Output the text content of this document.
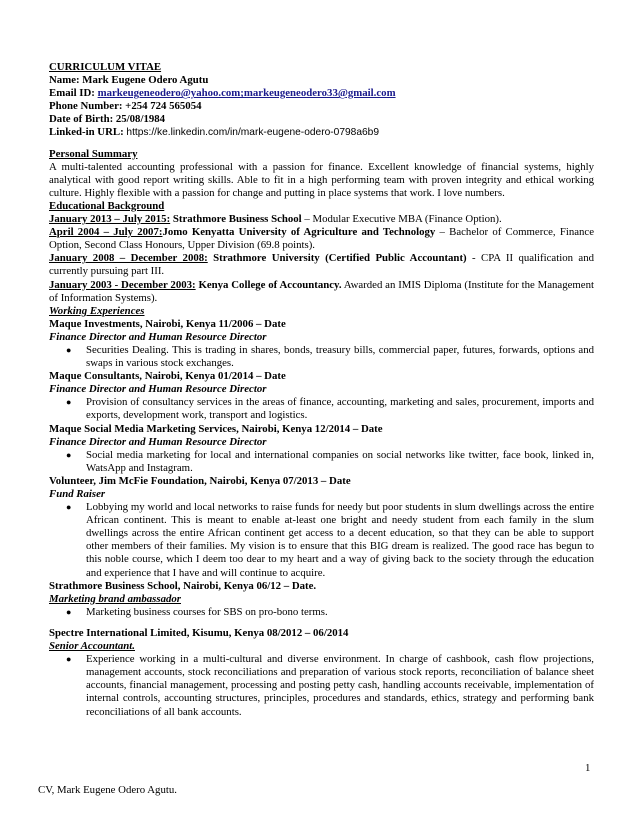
CURRICULUM VITAE
Name: Mark Eugene Odero Agutu
Email ID: markeugeneodero@yahoo.com;markeugeneodero33@gmail.com
Phone Number: +254 724 565054
Date of Birth: 25/08/1984
Linked-in URL: https://ke.linkedin.com/in/mark-eugene-odero-0798a6b9
Personal Summary
A multi-talented accounting professional with a passion for finance. Excellent knowledge of financial systems, highly analytical with good report writing skills. Able to fit in a high performing team with proven integrity and ethical working culture. Highly flexible with a passion for change and putting in place systems that work. I love numbers.
Educational Background
January 2013 – July 2015: Strathmore Business School – Modular Executive MBA (Finance Option).
April 2004 – July 2007:Jomo Kenyatta University of Agriculture and Technology – Bachelor of Commerce, Finance Option, Second Class Honours, Upper Division (69.8 points).
January 2008 – December 2008: Strathmore University (Certified Public Accountant) - CPA II qualification and currently pursuing part III.
January 2003 - December 2003: Kenya College of Accountancy. Awarded an IMIS Diploma (Institute for the Management of Information Systems).
Working Experiences
Maque Investments, Nairobi, Kenya 11/2006 – Date
Finance Director and Human Resource Director
● Securities Dealing. This is trading in shares, bonds, treasury bills, commercial paper, futures, forwards, options and swaps in various stock exchanges.
Maque Consultants, Nairobi, Kenya 01/2014 – Date
Finance Director and Human Resource Director
● Provision of consultancy services in the areas of finance, accounting, marketing and sales, procurement, imports and exports, development work, transport and logistics.
Maque Social Media Marketing Services, Nairobi, Kenya 12/2014 – Date
Finance Director and Human Resource Director
● Social media marketing for local and international companies on social networks like twitter, face book, linked in, WatsApp and Instagram.
Volunteer, Jim McFie Foundation, Nairobi, Kenya 07/2013 – Date
Fund Raiser
● Lobbying my world and local networks to raise funds for needy but poor students in slum dwellings across the entire African continent. This is meant to enable at-least one bright and needy student from each family in the slum dwellings across the entire African continent get access to a decent education, so that they can be able to support other members of their families. My vision is to ensure that this BIG dream is realized. The good race has begun to this noble course, which I deem too dear to my heart and a way of giving back to the society through the education and experience that I have and will continue to acquire.
Strathmore Business School, Nairobi, Kenya 06/12 – Date.
Marketing brand ambassador
● Marketing business courses for SBS on pro-bono terms.
Spectre International Limited, Kisumu, Kenya 08/2012 – 06/2014
Senior Accountant.
● Experience working in a multi-cultural and diverse environment. In charge of cashbook, cash flow projections, management accounts, stock reconciliations and preparation of various stock reports, reconciliation of balance sheet accounts, financial management, processing and posting petty cash, handling accounts receivable, implementation of internal controls, accounting structures, principles, procedures and standards, ethics, strategy and performing bank reconciliations of all bank accounts.
1
CV, Mark Eugene Odero Agutu.
